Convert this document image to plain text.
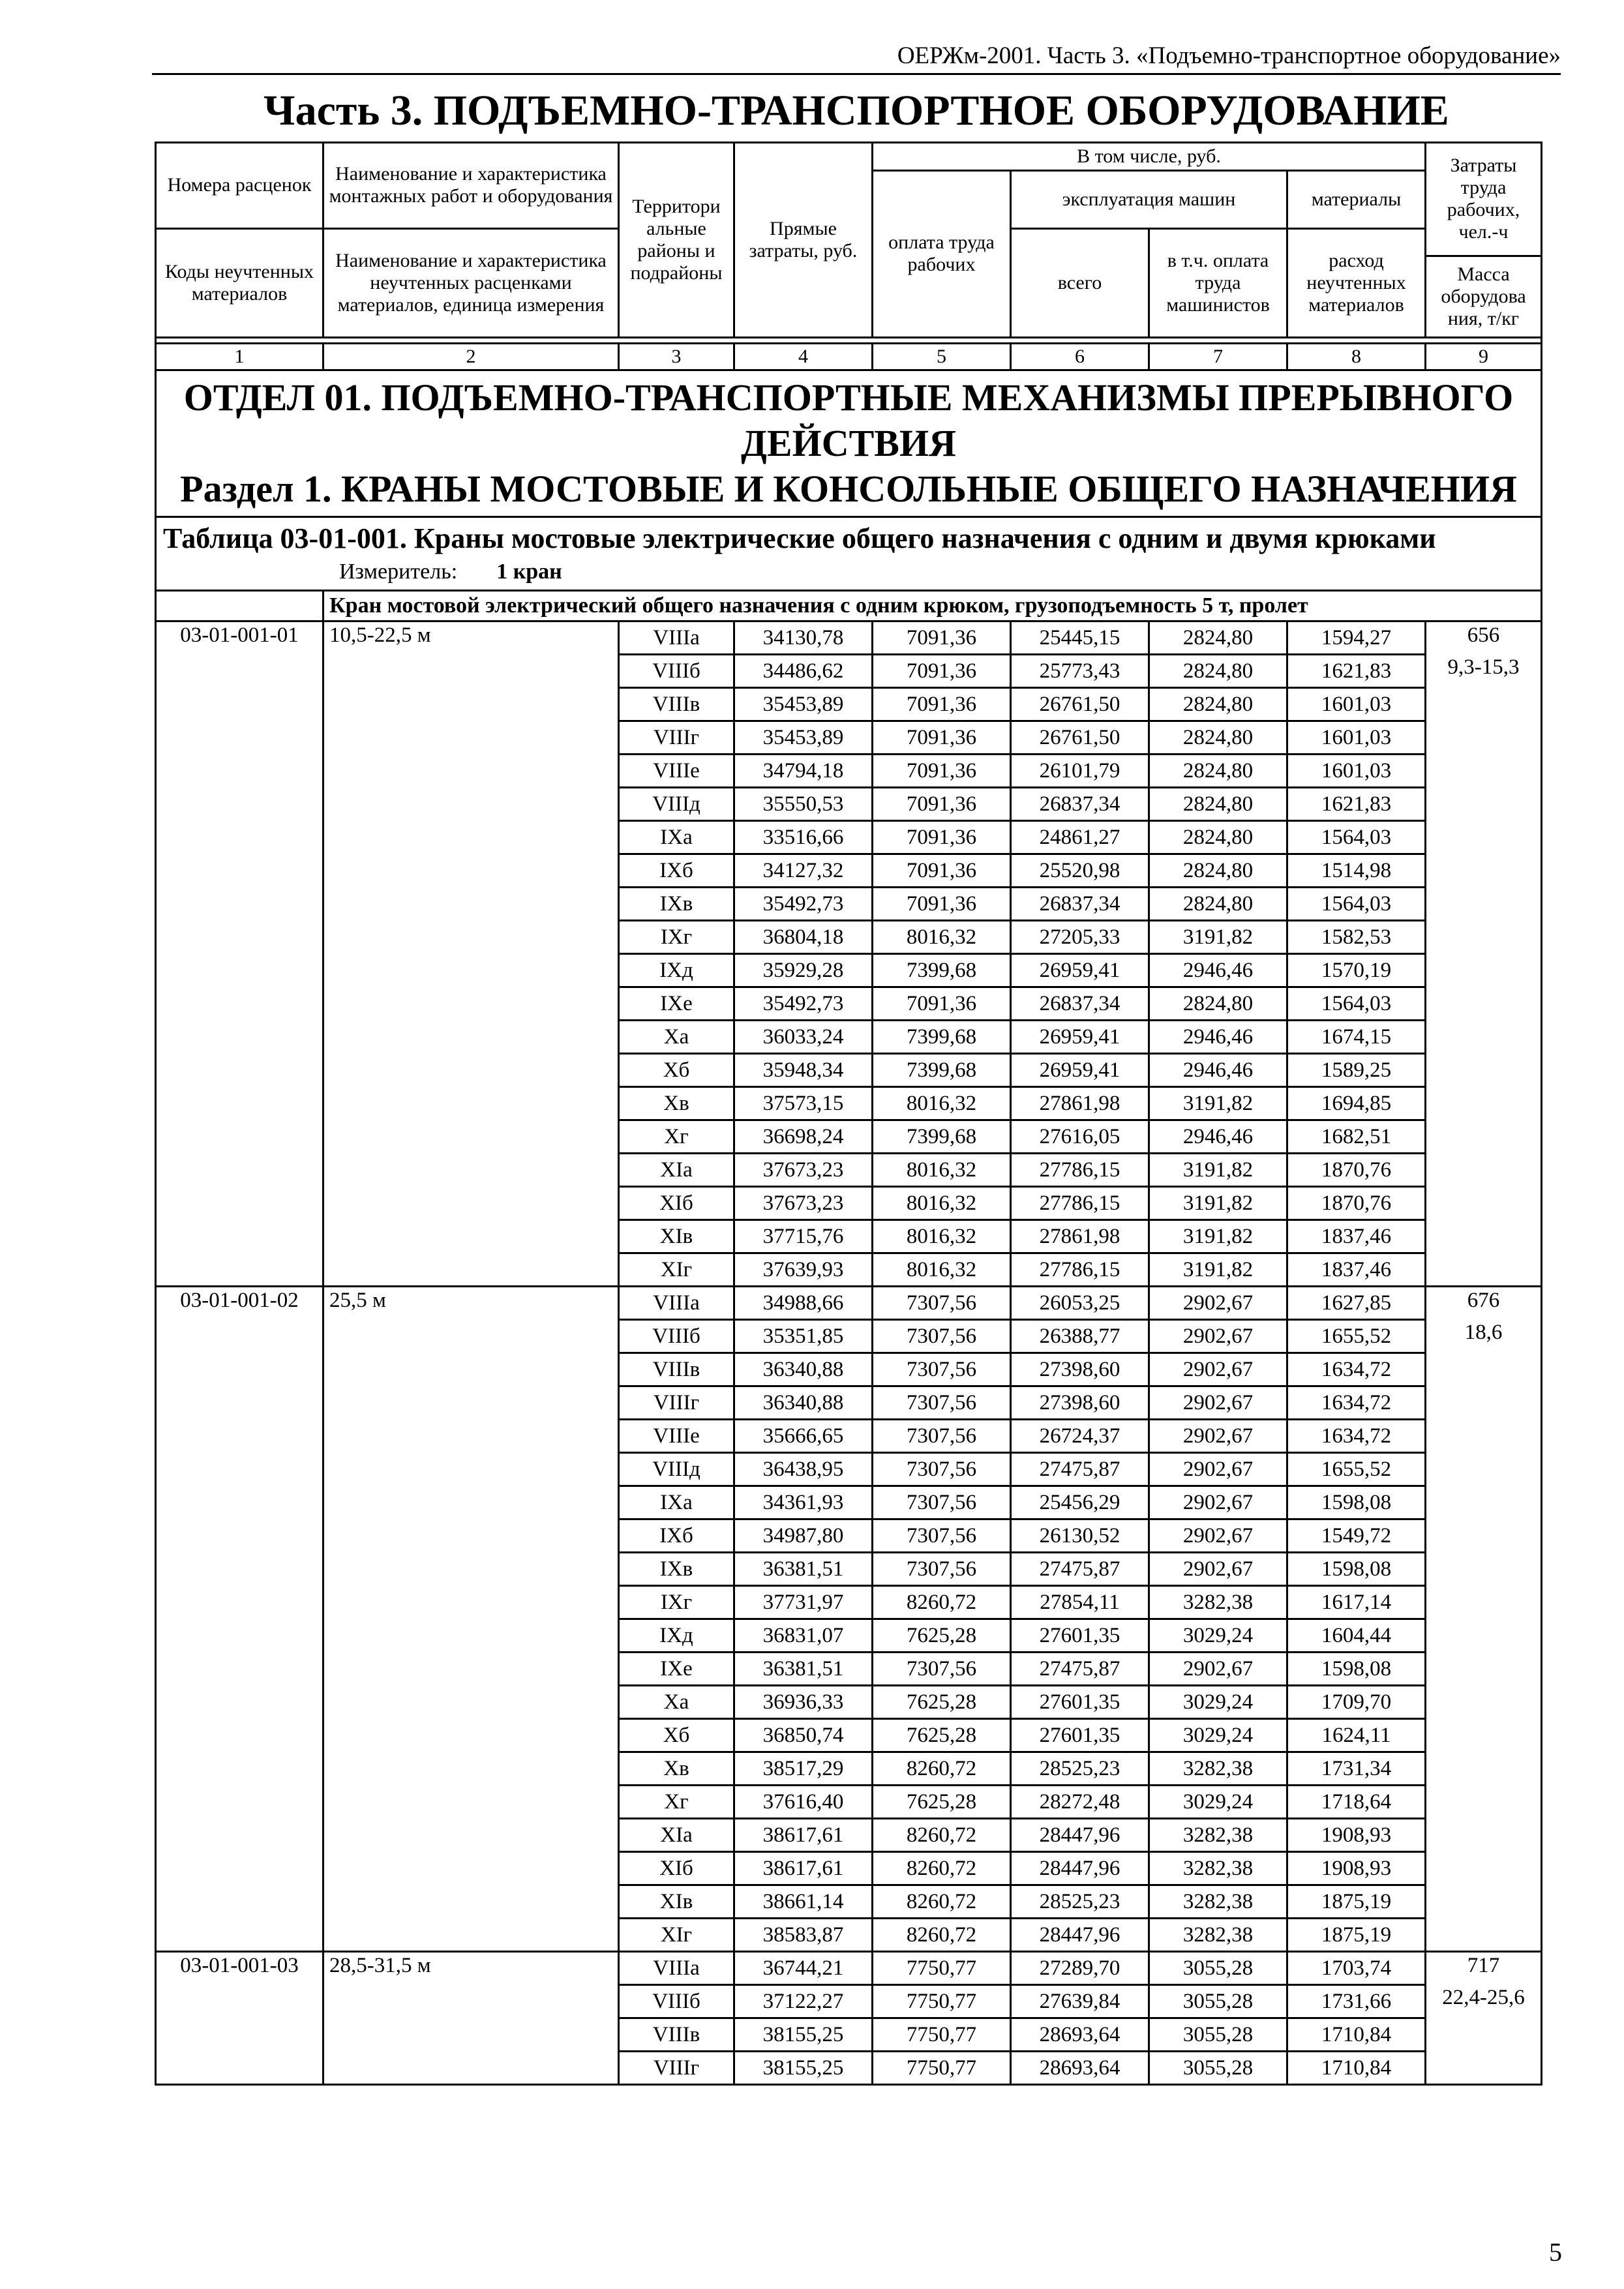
ОЕРЖм-2001. Часть 3. «Подъемно-транспортное оборудование»
Часть 3. ПОДЪЕМНО-ТРАНСПОРТНОЕ ОБОРУДОВАНИЕ
Номера расценок	Наименование и характеристика монтажных работ и оборудования	Территори альные районы и подрайоны	Прямые затраты, руб.	В том числе, руб.				Затраты труда рабочих, чел.-ч
				оплата труда рабочих	эксплуатация машин		материалы	
Коды неучтенных материалов	Наименование и характеристика неучтенных расценками материалов, единица измерения				всего	в т.ч. оплата труда машинистов	расход неучтенных материалов	
								Масса оборудова ния, т/кг

1	2	3	4	5	6	7	8	9

ОТДЕЛ 01. ПОДЪЕМНО-ТРАНСПОРТНЫЕ МЕХАНИЗМЫ ПРЕРЫВНОГО ДЕЙСТВИЯ
Раздел 1. КРАНЫ МОСТОВЫЕ И КОНСОЛЬНЫЕ ОБЩЕГО НАЗНАЧЕНИЯ								

Таблица 03-01-001. Краны мостовые электрические общего назначения с одним и двумя крюками
Измеритель: 1 кран								

	Кран мостовой электрический общего назначения с одним крюком, грузоподъемность 5 т, пролет							
03-01-001-01	10,5-22,5 м	VIIIа	34130,78	7091,36	25445,15	2824,80	1594,27	656
		VIIIб	34486,62	7091,36	25773,43	2824,80	1621,83	9,3-15,3
		VIIIв	35453,89	7091,36	26761,50	2824,80	1601,03	
		VIIIг	35453,89	7091,36	26761,50	2824,80	1601,03	
		VIIIе	34794,18	7091,36	26101,79	2824,80	1601,03	
		VIIIд	35550,53	7091,36	26837,34	2824,80	1621,83	
		IXа	33516,66	7091,36	24861,27	2824,80	1564,03	
		IXб	34127,32	7091,36	25520,98	2824,80	1514,98	
		IXв	35492,73	7091,36	26837,34	2824,80	1564,03	
		IXг	36804,18	8016,32	27205,33	3191,82	1582,53	
		IXд	35929,28	7399,68	26959,41	2946,46	1570,19	
		IXе	35492,73	7091,36	26837,34	2824,80	1564,03	
		Xа	36033,24	7399,68	26959,41	2946,46	1674,15	
		Xб	35948,34	7399,68	26959,41	2946,46	1589,25	
		Xв	37573,15	8016,32	27861,98	3191,82	1694,85	
		Xг	36698,24	7399,68	27616,05	2946,46	1682,51	
		XIа	37673,23	8016,32	27786,15	3191,82	1870,76	
		XIб	37673,23	8016,32	27786,15	3191,82	1870,76	
		XIв	37715,76	8016,32	27861,98	3191,82	1837,46	
		XIг	37639,93	8016,32	27786,15	3191,82	1837,46	
03-01-001-02	25,5 м	VIIIа	34988,66	7307,56	26053,25	2902,67	1627,85	676
		VIIIб	35351,85	7307,56	26388,77	2902,67	1655,52	18,6
		VIIIв	36340,88	7307,56	27398,60	2902,67	1634,72	
		VIIIг	36340,88	7307,56	27398,60	2902,67	1634,72	
		VIIIе	35666,65	7307,56	26724,37	2902,67	1634,72	
		VIIIд	36438,95	7307,56	27475,87	2902,67	1655,52	
		IXа	34361,93	7307,56	25456,29	2902,67	1598,08	
		IXб	34987,80	7307,56	26130,52	2902,67	1549,72	
		IXв	36381,51	7307,56	27475,87	2902,67	1598,08	
		IXг	37731,97	8260,72	27854,11	3282,38	1617,14	
		IXд	36831,07	7625,28	27601,35	3029,24	1604,44	
		IXе	36381,51	7307,56	27475,87	2902,67	1598,08	
		Xа	36936,33	7625,28	27601,35	3029,24	1709,70	
		Xб	36850,74	7625,28	27601,35	3029,24	1624,11	
		Xв	38517,29	8260,72	28525,23	3282,38	1731,34	
		Xг	37616,40	7625,28	28272,48	3029,24	1718,64	
		XIа	38617,61	8260,72	28447,96	3282,38	1908,93	
		XIб	38617,61	8260,72	28447,96	3282,38	1908,93	
		XIв	38661,14	8260,72	28525,23	3282,38	1875,19	
		XIг	38583,87	8260,72	28447,96	3282,38	1875,19	
03-01-001-03	28,5-31,5 м	VIIIа	36744,21	7750,77	27289,70	3055,28	1703,74	717
		VIIIб	37122,27	7750,77	27639,84	3055,28	1731,66	22,4-25,6
		VIIIв	38155,25	7750,77	28693,64	3055,28	1710,84	
		VIIIг	38155,25	7750,77	28693,64	3055,28	1710,84	
5
